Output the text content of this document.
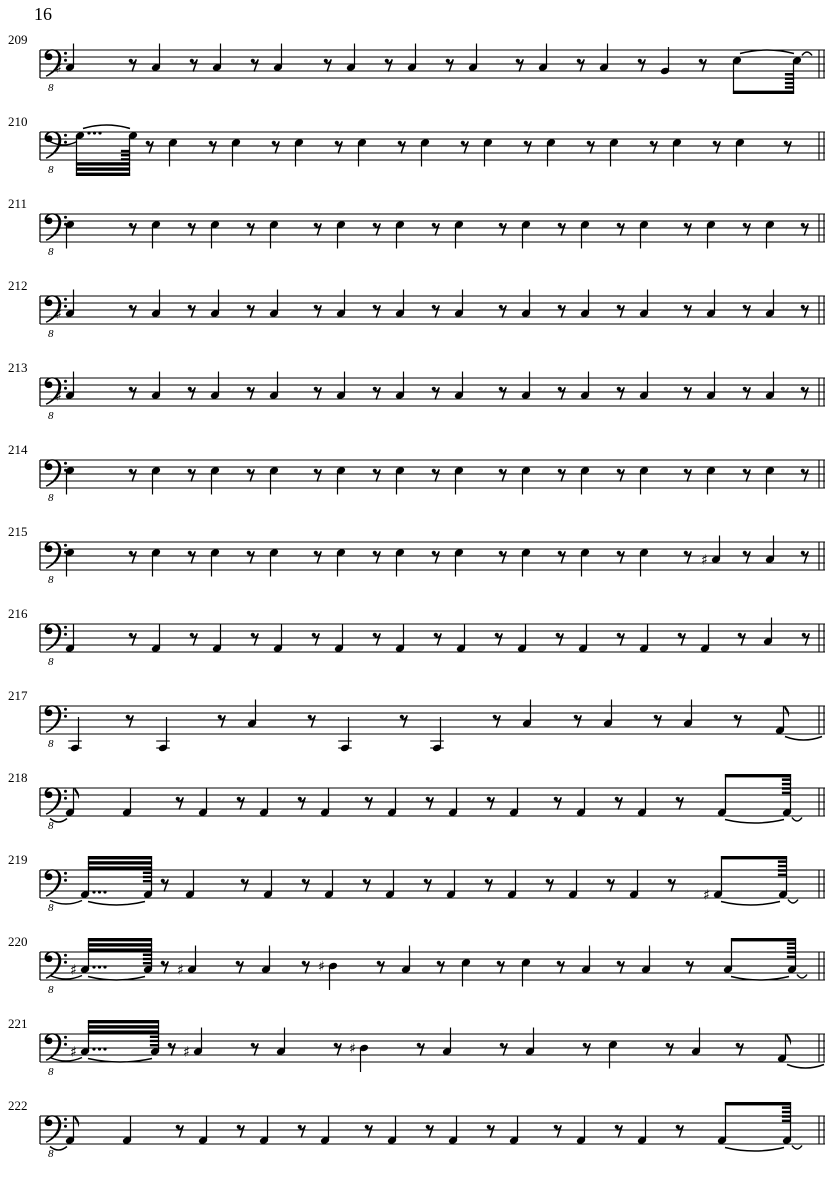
16
209
8
♯
210
8
211
8
212
8
♯
213
8
♯
214
8
215
8
♯
216
8
217
8
218
8
219
8
♯
220
8
♯	♯	♯
221
8
♯	♯	♯
222
8
